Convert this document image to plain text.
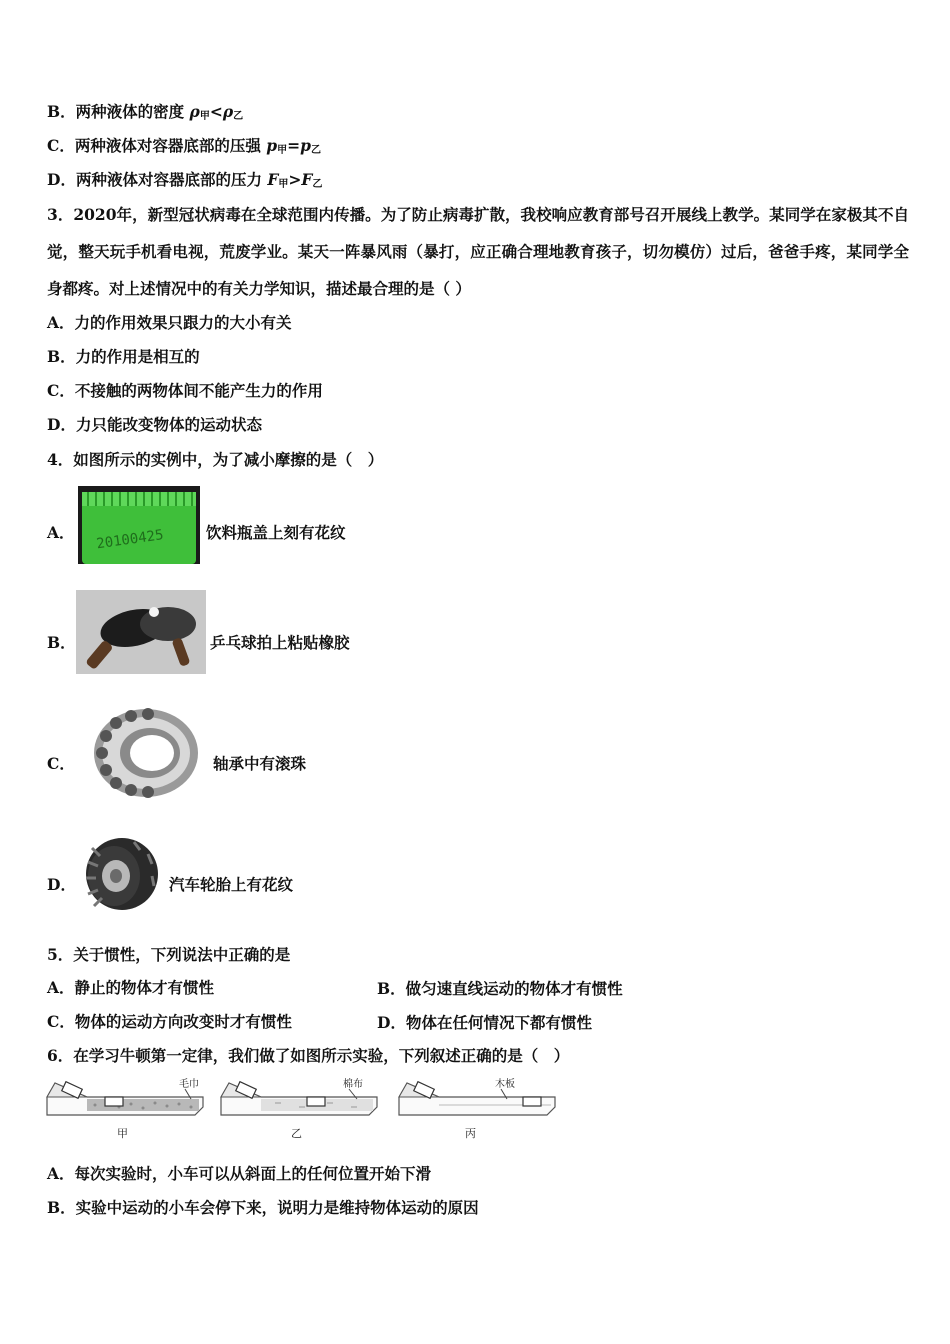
B．两种液体的密度 $\rho_甲<\rho_乙$
C．两种液体对容器底部的压强 $p_甲=p_乙$
D．两种液体对容器底部的压力 $F_甲>F_乙$
3．2020年，新型冠状病毒在全球范围内传播。为了防止病毒扩散，我校响应教育部号召开展线上教学。某同学在家极其不自觉，整天玩手机看电视，荒废学业。某天一阵暴风雨（暴打，应正确合理地教育孩子，切勿模仿）过后，爸爸手疼，某同学全身都疼。对上述情况中的有关力学知识，描述最合理的是（ ）
A．力的作用效果只跟力的大小有关
B．力的作用是相互的
C．不接触的两物体间不能产生力的作用
D．力只能改变物体的运动状态
4．如图所示的实例中，为了减小摩擦的是（　）
A． 20100425	饮料瓶盖上刻有花纹
B．	乒乓球拍上粘贴橡胶
C．	轴承中有滚珠
D．	汽车轮胎上有花纹
5．关于惯性，下列说法中正确的是
A．静止的物体才有惯性	B．做匀速直线运动的物体才有惯性
C．物体的运动方向改变时才有惯性	D．物体在任何情况下都有惯性
6．在学习牛顿第一定律，我们做了如图所示实验，下列叙述正确的是（　）
毛巾
甲
棉布
乙
木板
丙
A．每次实验时，小车可以从斜面上的任何位置开始下滑
B．实验中运动的小车会停下来，说明力是维持物体运动的原因
